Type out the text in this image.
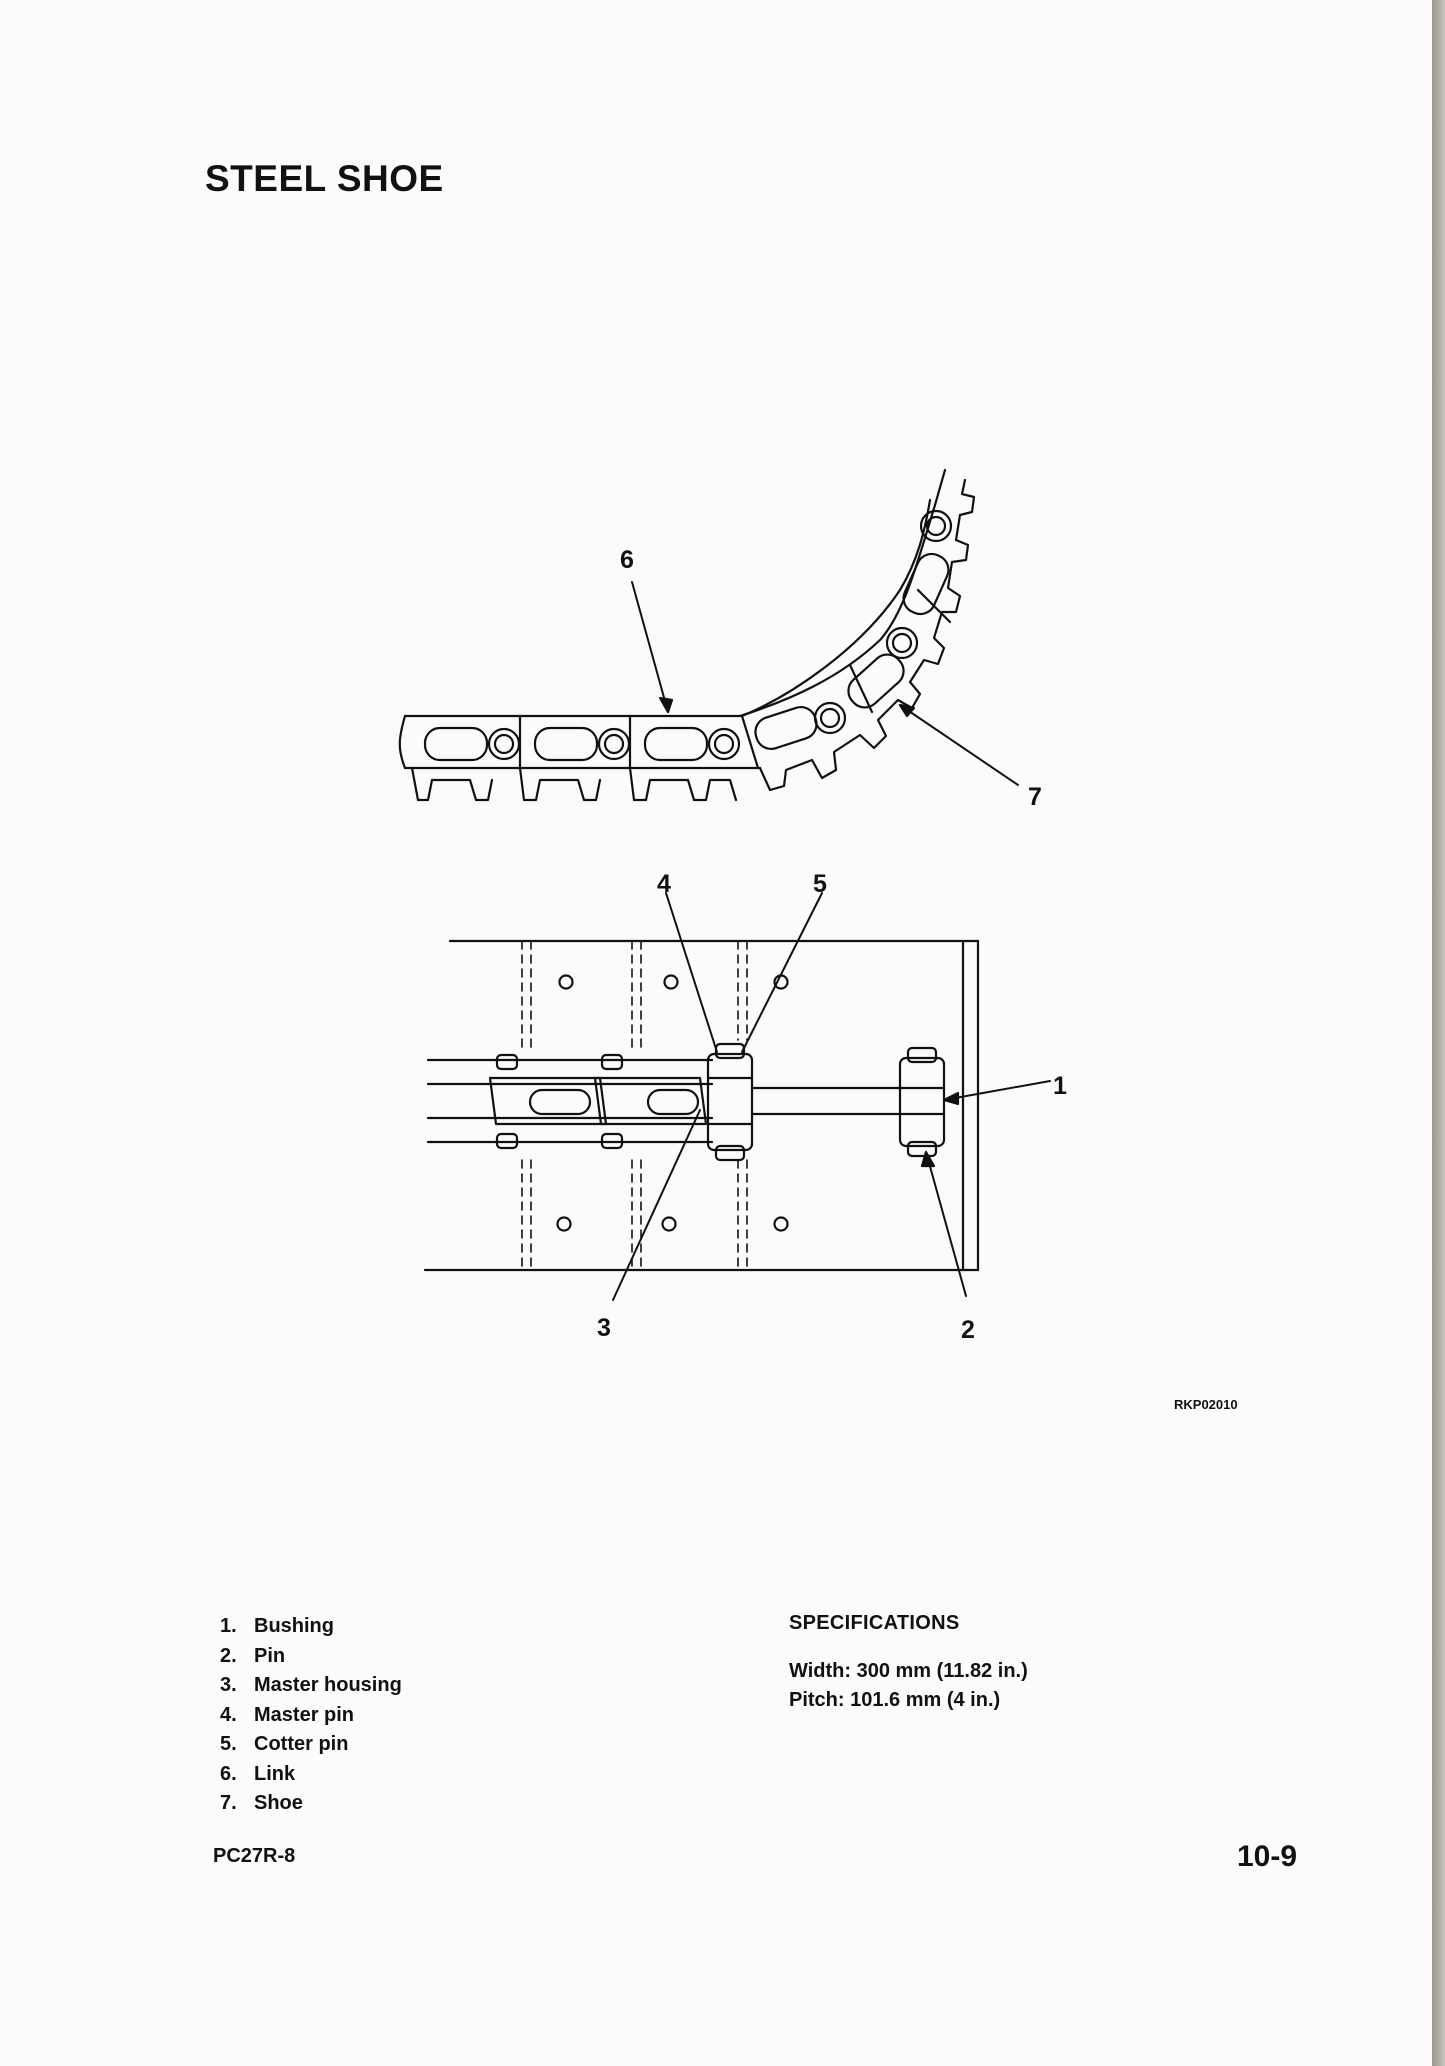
STEEL SHOE
6
7
4	5
1
3	2
RKP02010
1. Bushing
2. Pin
3. Master housing
4. Master pin
5. Cotter pin
6. Link
7. Shoe
SPECIFICATIONS
Width: 300 mm (11.82 in.)
Pitch: 101.6 mm (4 in.)
PC27R-8	10-9
